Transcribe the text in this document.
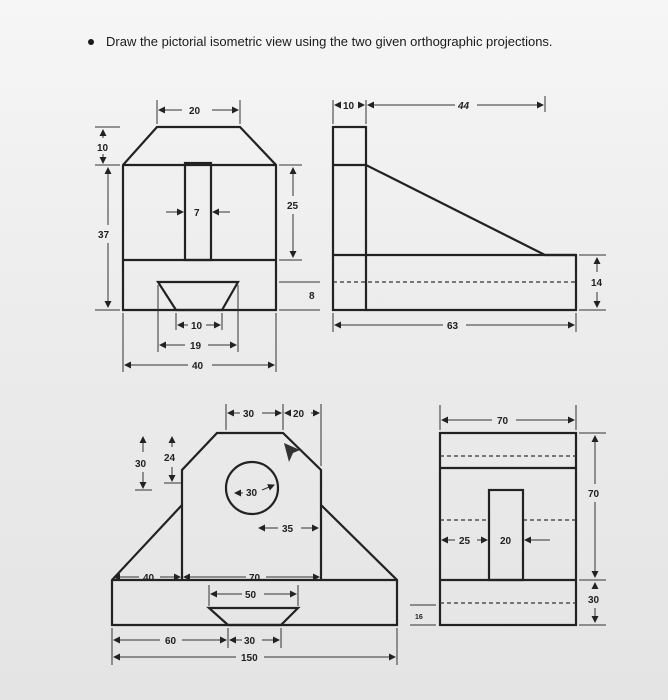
Draw the pictorial isometric view using the two given orthographic projections.
20
10
37
7
25
8
10
19
40
10	44
14
63
30	20
30
24
30
35
40	70
50
60	30
150
70
70
25	20
30
16
